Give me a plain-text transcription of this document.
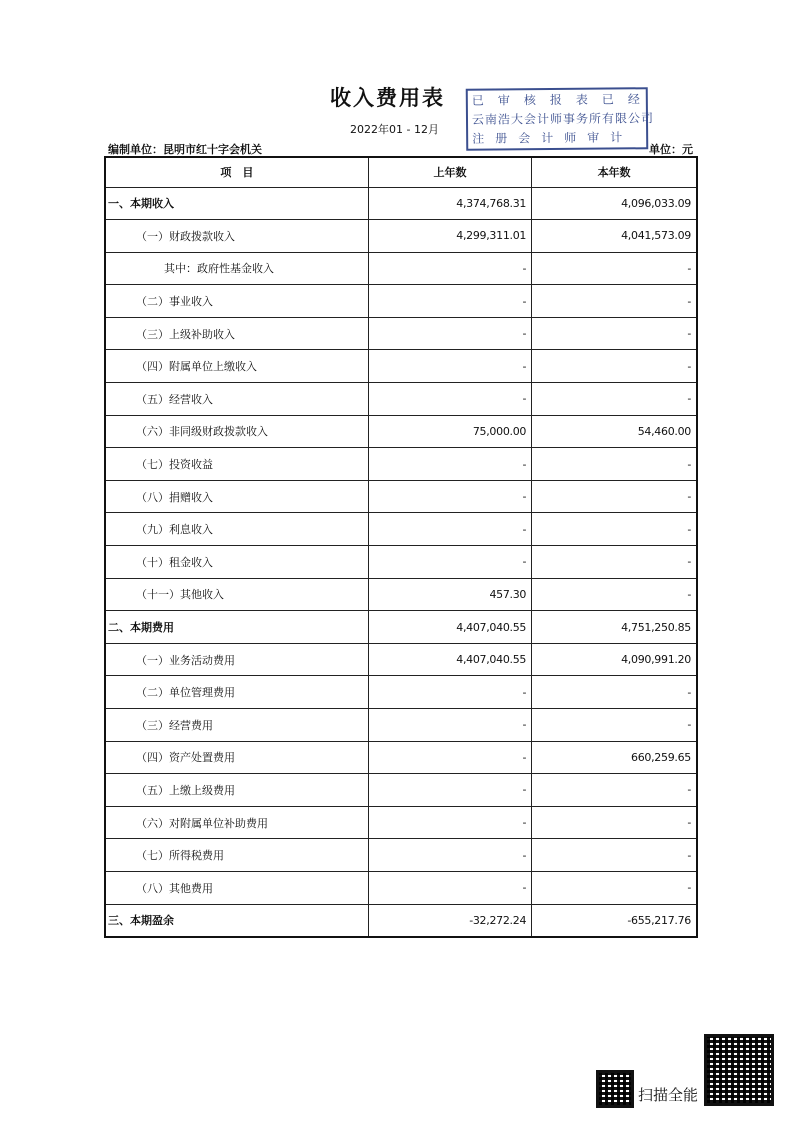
收入费用表
2022年01 - 12月
编制单位：昆明市红十字会机关	单位：元
已审核报表已经
云南浩大会计师事务所有限公司
注册会计师审计
项　目	上年数	本年数
一、本期收入	4,374,768.31	4,096,033.09
（一）财政拨款收入	4,299,311.01	4,041,573.09
其中：政府性基金收入	-	-
（二）事业收入	-	-
（三）上级补助收入	-	-
（四）附属单位上缴收入	-	-
（五）经营收入	-	-
（六）非同级财政拨款收入	75,000.00	54,460.00
（七）投资收益	-	-
（八）捐赠收入	-	-
（九）利息收入	-	-
（十）租金收入	-	-
（十一）其他收入	457.30	-
二、本期费用	4,407,040.55	4,751,250.85
（一）业务活动费用	4,407,040.55	4,090,991.20
（二）单位管理费用	-	-
（三）经营费用	-	-
（四）资产处置费用	-	660,259.65
（五）上缴上级费用	-	-
（六）对附属单位补助费用	-	-
（七）所得税费用	-	-
（八）其他费用	-	-
三、本期盈余	-32,272.24	-655,217.76
扫描全能
